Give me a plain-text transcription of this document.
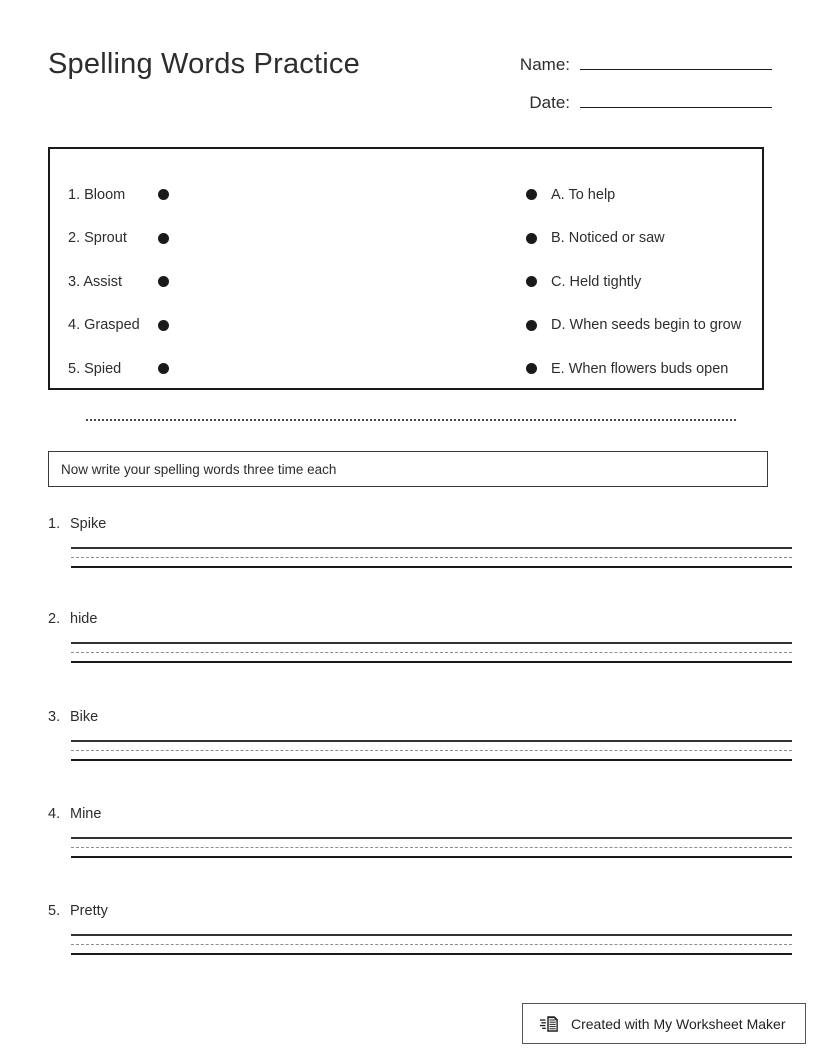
Spelling Words Practice	Name:
Date:
1. Bloom
2. Sprout
3. Assist
4. Grasped
5. Spied
A. To help
B. Noticed or saw
C. Held tightly
D. When seeds begin to grow
E. When flowers buds open
Now write your spelling words three time each
1. Spike
2. hide
3. Bike
4. Mine
5. Pretty
Created with My Worksheet Maker
